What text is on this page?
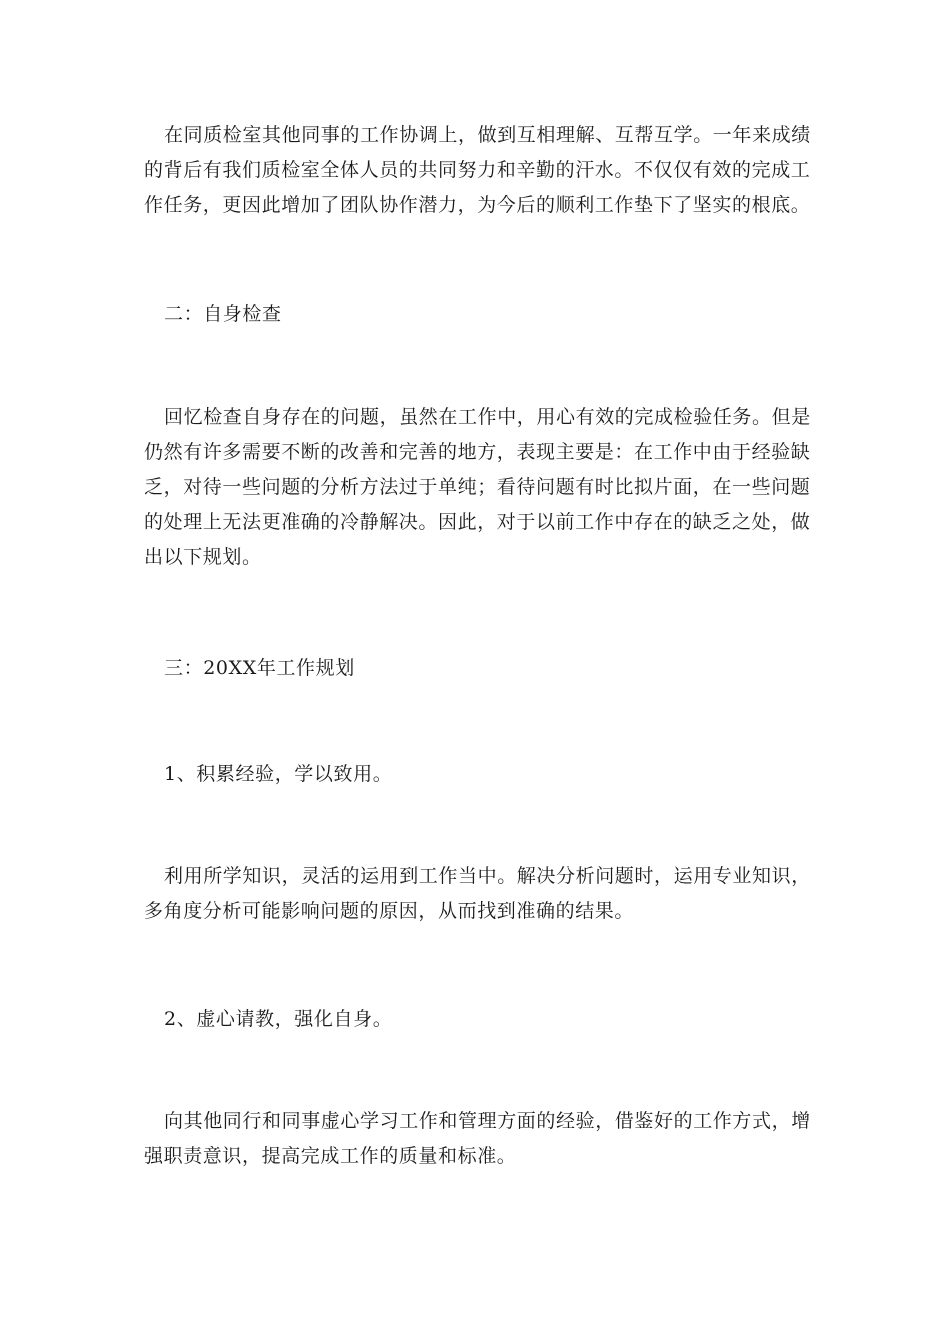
在同质检室其他同事的工作协调上，做到互相理解、互帮互学。一年来成绩
的背后有我们质检室全体人员的共同努力和辛勤的汗水。不仅仅有效的完成工
作任务，更因此增加了团队协作潜力，为今后的顺利工作垫下了坚实的根底。

二：自身检查

回忆检查自身存在的问题，虽然在工作中，用心有效的完成检验任务。但是
仍然有许多需要不断的改善和完善的地方，表现主要是：在工作中由于经验缺
乏，对待一些问题的分析方法过于单纯；看待问题有时比拟片面，在一些问题
的处理上无法更准确的冷静解决。因此，对于以前工作中存在的缺乏之处，做
出以下规划。

三：20XX年工作规划

1、积累经验，学以致用。

利用所学知识，灵活的运用到工作当中。解决分析问题时，运用专业知识，
多角度分析可能影响问题的原因，从而找到准确的结果。

2、虚心请教，强化自身。

向其他同行和同事虚心学习工作和管理方面的经验，借鉴好的工作方式，增
强职责意识，提高完成工作的质量和标准。
